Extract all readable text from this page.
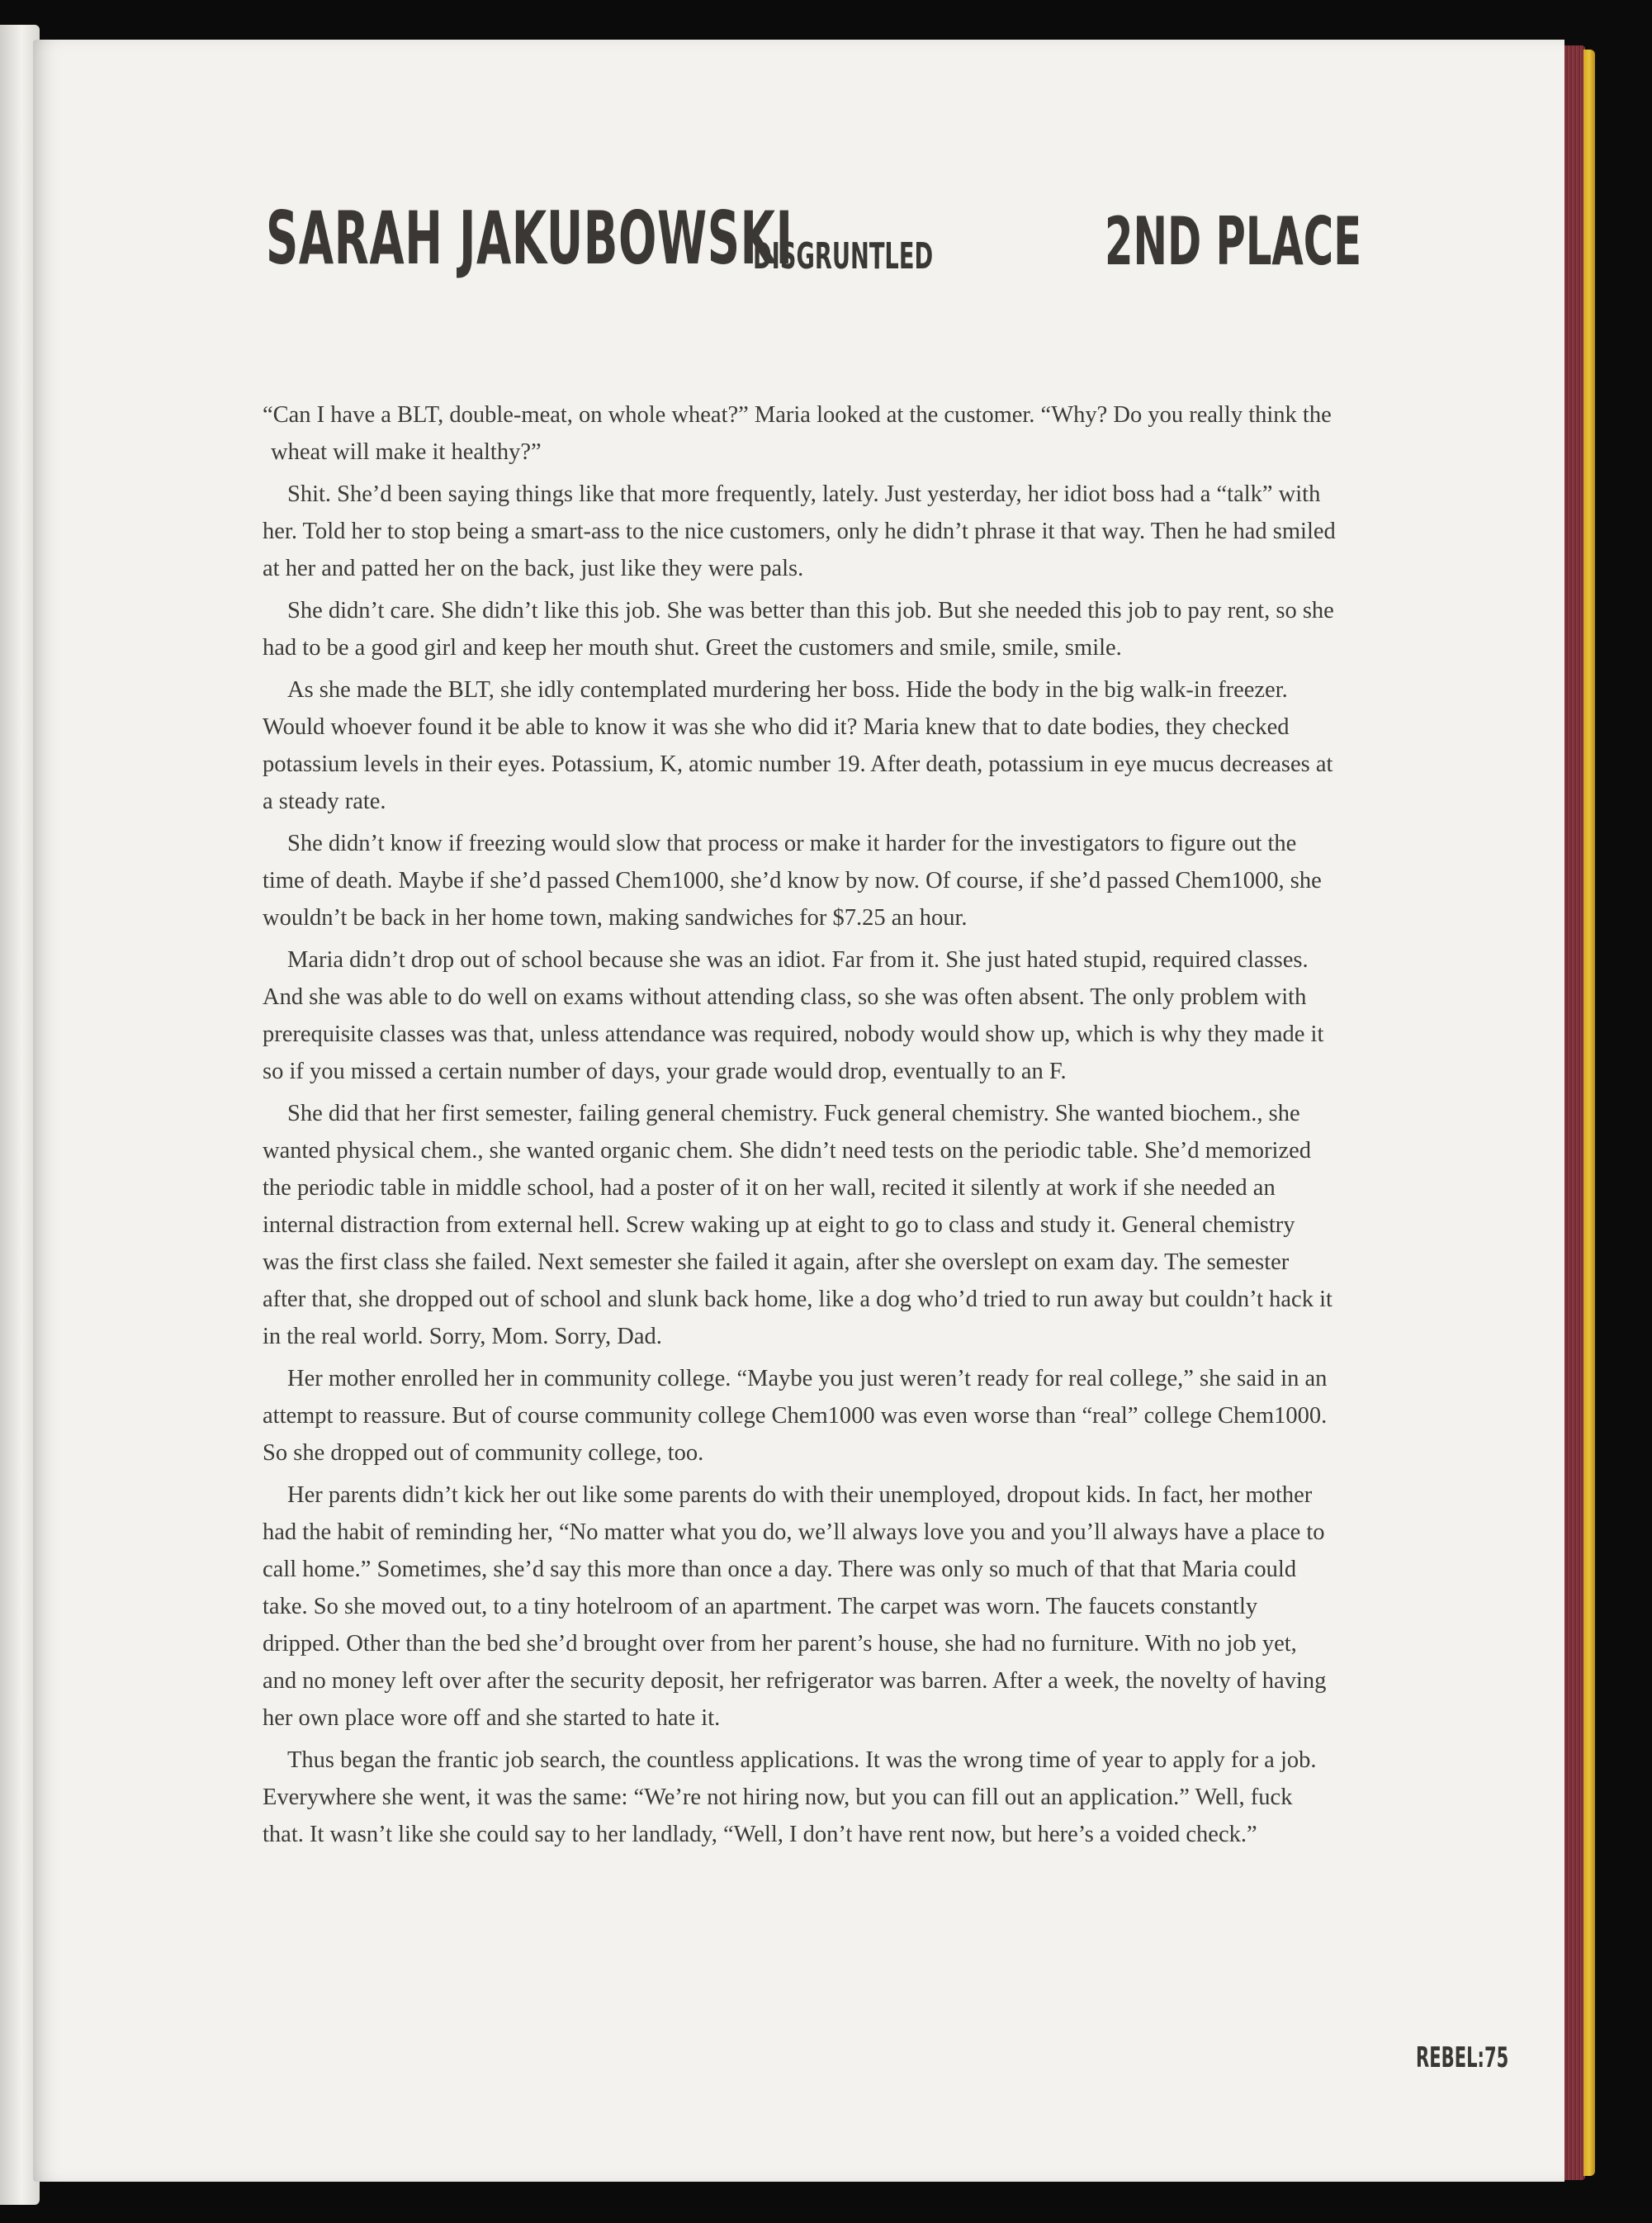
SARAH JAKUBOWSKI
DISGRUNTLED	2ND PLACE

“Can I have a BLT, double-meat, on whole wheat?” Maria looked at the customer. “Why? Do you really think the wheat will make it healthy?”

Shit. She’d been saying things like that more frequently, lately. Just yesterday, her idiot boss had a “talk” with her. Told her to stop being a smart-ass to the nice customers, only he didn’t phrase it that way. Then he had smiled at her and patted her on the back, just like they were pals.

She didn’t care. She didn’t like this job. She was better than this job. But she needed this job to pay rent, so she had to be a good girl and keep her mouth shut. Greet the customers and smile, smile, smile.

As she made the BLT, she idly contemplated murdering her boss. Hide the body in the big walk-in freezer. Would whoever found it be able to know it was she who did it? Maria knew that to date bodies, they checked potassium levels in their eyes. Potassium, K, atomic number 19. After death, potassium in eye mucus decreases at a steady rate.

She didn’t know if freezing would slow that process or make it harder for the investigators to figure out the time of death. Maybe if she’d passed Chem1000, she’d know by now. Of course, if she’d passed Chem1000, she wouldn’t be back in her home town, making sandwiches for $7.25 an hour.

Maria didn’t drop out of school because she was an idiot. Far from it. She just hated stupid, required classes. And she was able to do well on exams without attending class, so she was often absent. The only problem with prerequisite classes was that, unless attendance was required, nobody would show up, which is why they made it so if you missed a certain number of days, your grade would drop, eventually to an F.

She did that her first semester, failing general chemistry. Fuck general chemistry. She wanted biochem., she wanted physical chem., she wanted organic chem. She didn’t need tests on the periodic table. She’d memorized the periodic table in middle school, had a poster of it on her wall, recited it silently at work if she needed an internal distraction from external hell. Screw waking up at eight to go to class and study it. General chemistry was the first class she failed. Next semester she failed it again, after she overslept on exam day. The semester after that, she dropped out of school and slunk back home, like a dog who’d tried to run away but couldn’t hack it in the real world. Sorry, Mom. Sorry, Dad.

Her mother enrolled her in community college. “Maybe you just weren’t ready for real college,” she said in an attempt to reassure. But of course community college Chem1000 was even worse than “real” college Chem1000. So she dropped out of community college, too.

Her parents didn’t kick her out like some parents do with their unemployed, dropout kids. In fact, her mother had the habit of reminding her, “No matter what you do, we’ll always love you and you’ll always have a place to call home.” Sometimes, she’d say this more than once a day. There was only so much of that that Maria could take. So she moved out, to a tiny hotelroom of an apartment. The carpet was worn. The faucets constantly dripped. Other than the bed she’d brought over from her parent’s house, she had no furniture. With no job yet, and no money left over after the security deposit, her refrigerator was barren. After a week, the novelty of having her own place wore off and she started to hate it.

Thus began the frantic job search, the countless applications. It was the wrong time of year to apply for a job. Everywhere she went, it was the same: “We’re not hiring now, but you can fill out an application.” Well, fuck that. It wasn’t like she could say to her landlady, “Well, I don’t have rent now, but here’s a voided check.”

REBEL:75
